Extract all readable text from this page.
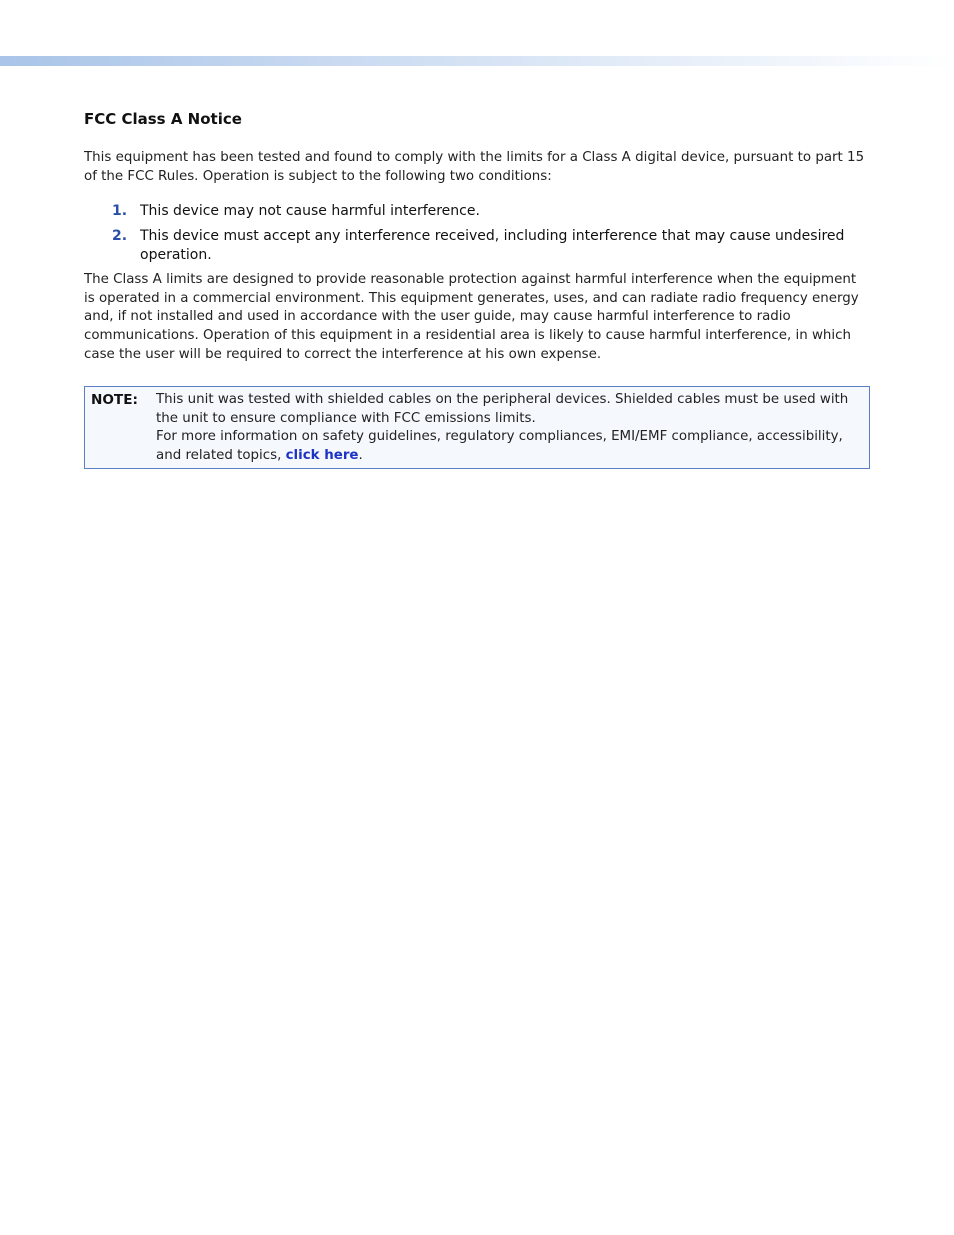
FCC Class A Notice

This equipment has been tested and found to comply with the limits for a Class A digital device, pursuant to part 15 of the FCC Rules. Operation is subject to the following two conditions:

1. This device may not cause harmful interference.
2. This device must accept any interference received, including interference that may cause undesired operation.

The Class A limits are designed to provide reasonable protection against harmful interference when the equipment is operated in a commercial environment. This equipment generates, uses, and can radiate radio frequency energy and, if not installed and used in accordance with the user guide, may cause harmful interference to radio communications. Operation of this equipment in a residential area is likely to cause harmful interference, in which case the user will be required to correct the interference at his own expense.

NOTE:	This unit was tested with shielded cables on the peripheral devices. Shielded cables must be used with the unit to ensure compliance with FCC emissions limits.

For more information on safety guidelines, regulatory compliances, EMI/EMF compliance, accessibility, and related topics, click here.
